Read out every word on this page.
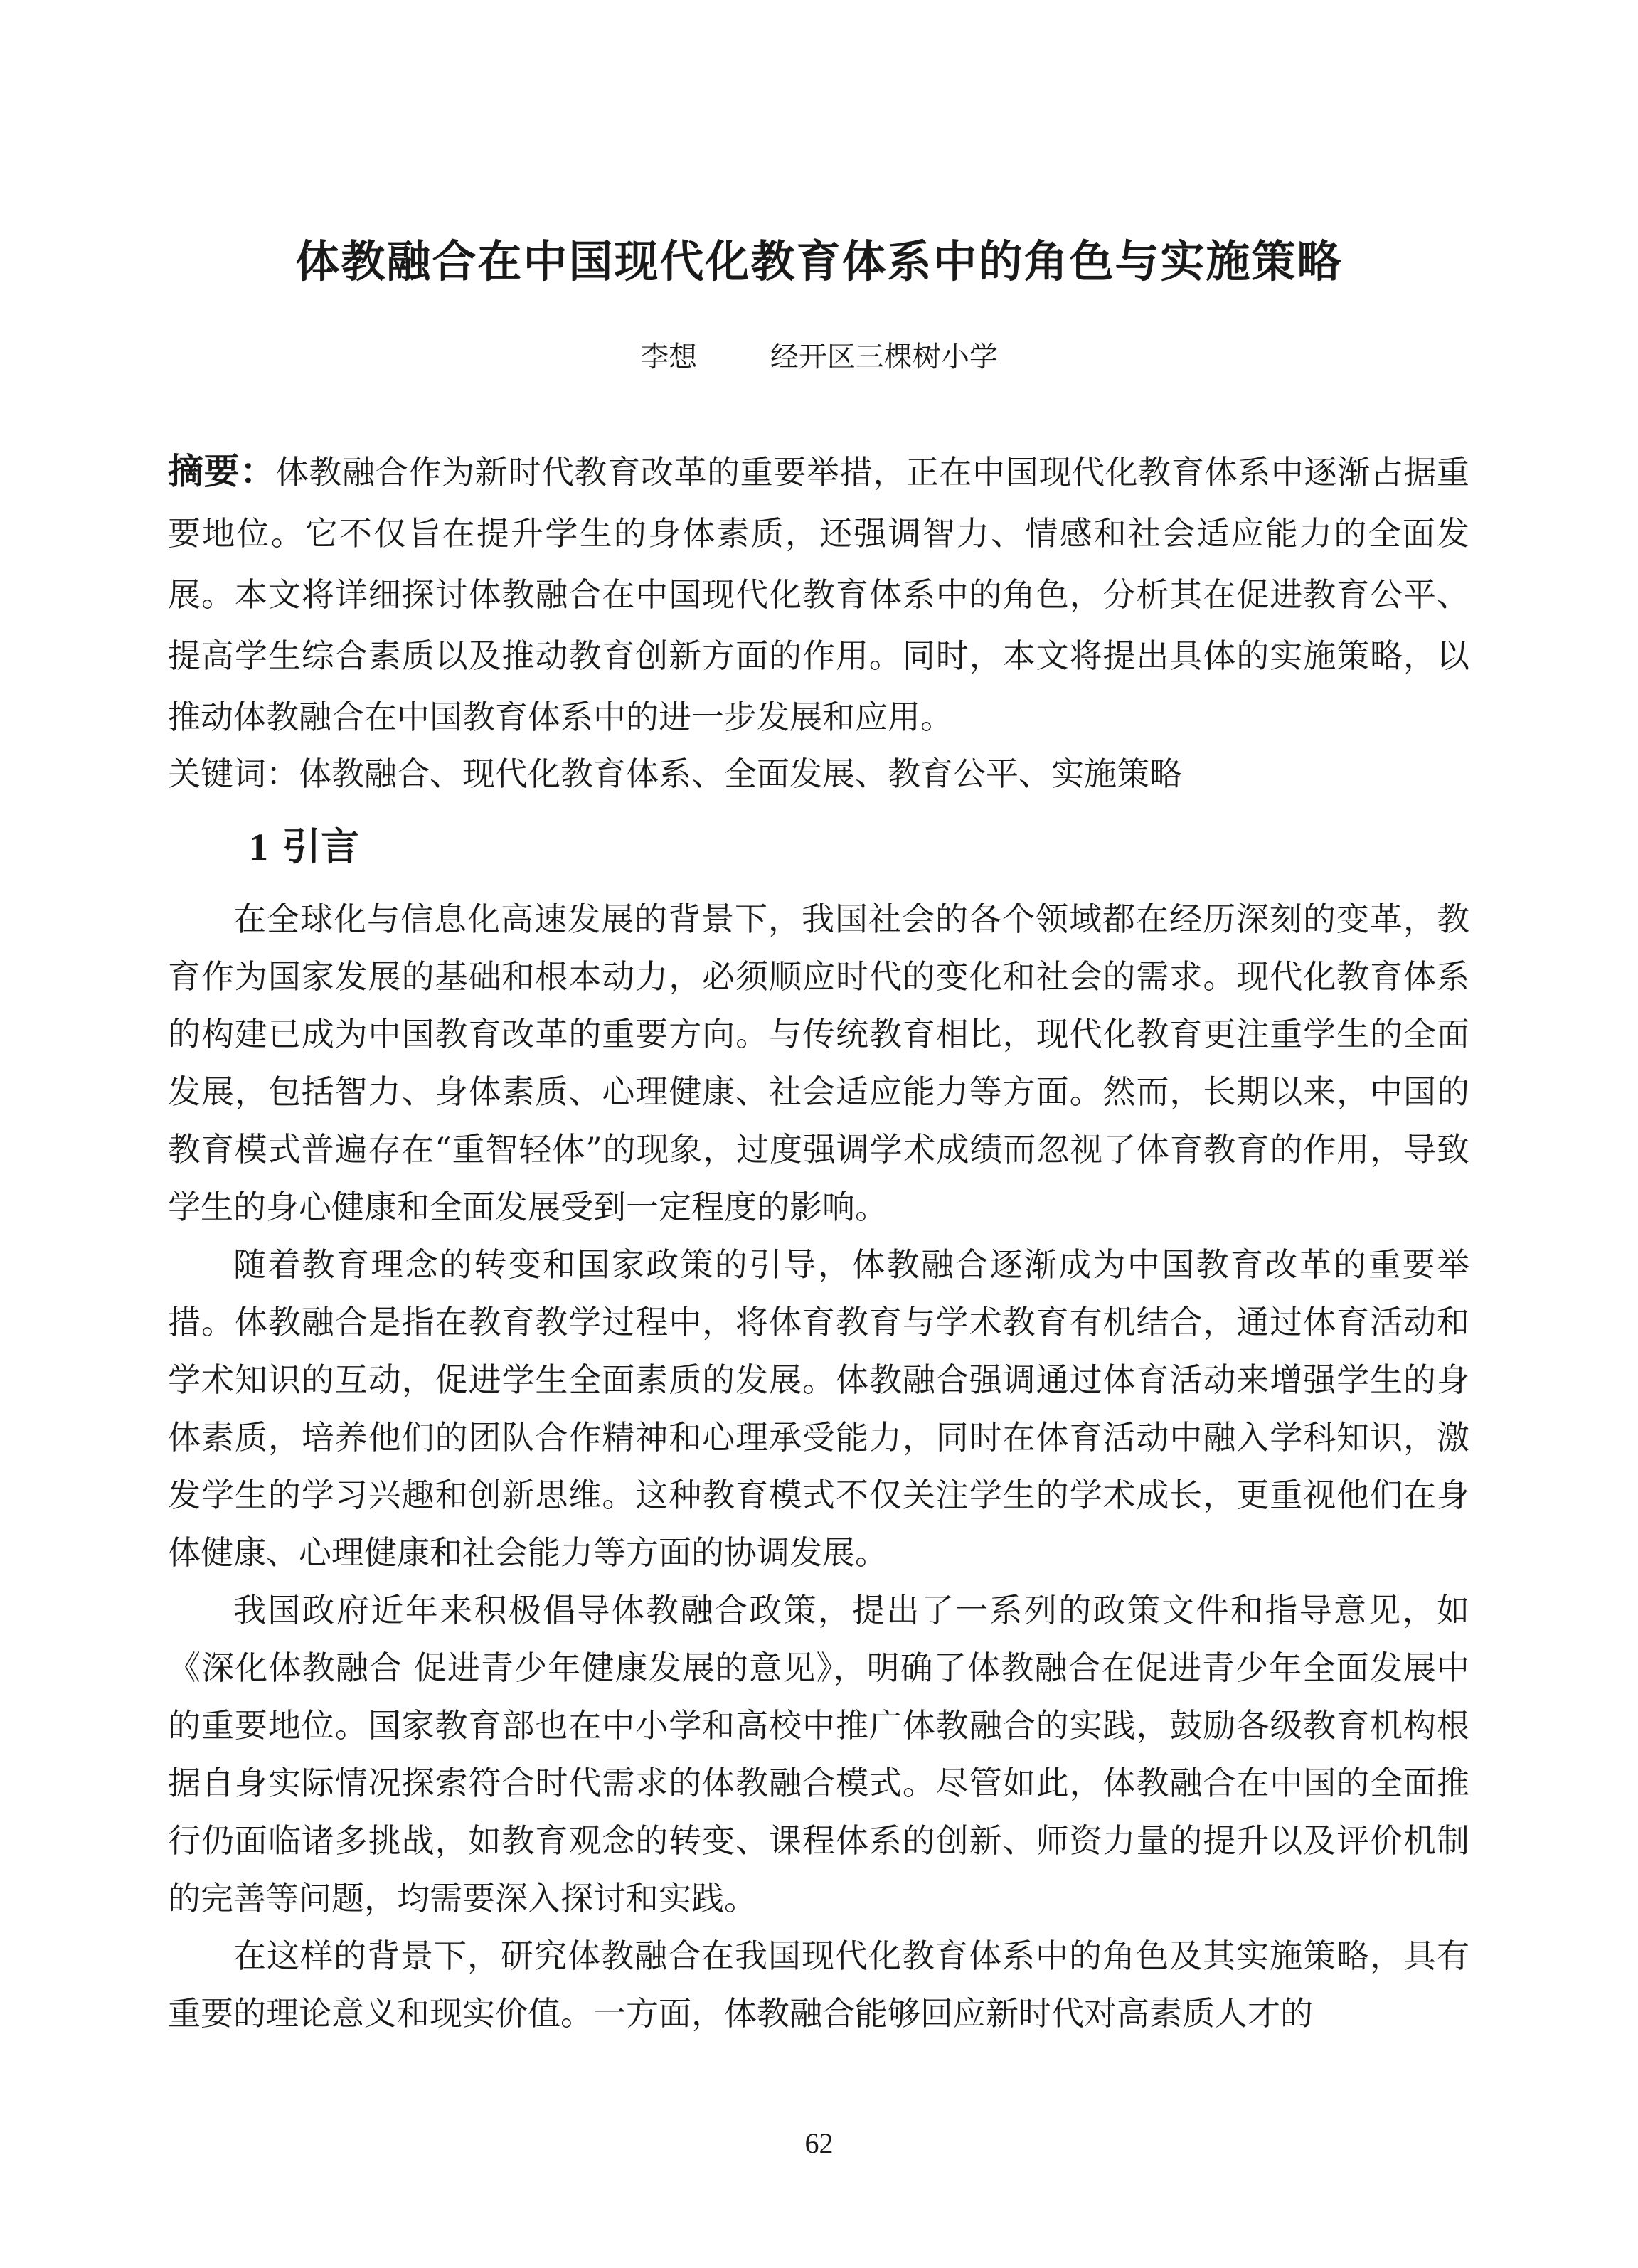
体教融合在中国现代化教育体系中的角色与实施策略
李想	经开区三棵树小学
摘要：体教融合作为新时代教育改革的重要举措，正在中国现代化教育体系中逐渐占据重要地位。它不仅旨在提升学生的身体素质，还强调智力、情感和社会适应能力的全面发展。本文将详细探讨体教融合在中国现代化教育体系中的角色，分析其在促进教育公平、提高学生综合素质以及推动教育创新方面的作用。同时，本文将提出具体的实施策略，以推动体教融合在中国教育体系中的进一步发展和应用。
关键词：体教融合、现代化教育体系、全面发展、教育公平、实施策略
1 引言

在全球化与信息化高速发展的背景下，我国社会的各个领域都在经历深刻的变革，教育作为国家发展的基础和根本动力，必须顺应时代的变化和社会的需求。现代化教育体系的构建已成为中国教育改革的重要方向。与传统教育相比，现代化教育更注重学生的全面发展，包括智力、身体素质、心理健康、社会适应能力等方面。然而，长期以来，中国的教育模式普遍存在“重智轻体”的现象，过度强调学术成绩而忽视了体育教育的作用，导致学生的身心健康和全面发展受到一定程度的影响。

随着教育理念的转变和国家政策的引导，体教融合逐渐成为中国教育改革的重要举措。体教融合是指在教育教学过程中，将体育教育与学术教育有机结合，通过体育活动和学术知识的互动，促进学生全面素质的发展。体教融合强调通过体育活动来增强学生的身体素质，培养他们的团队合作精神和心理承受能力，同时在体育活动中融入学科知识，激发学生的学习兴趣和创新思维。这种教育模式不仅关注学生的学术成长，更重视他们在身体健康、心理健康和社会能力等方面的协调发展。

我国政府近年来积极倡导体教融合政策，提出了一系列的政策文件和指导意见，如《深化体教融合 促进青少年健康发展的意见》，明确了体教融合在促进青少年全面发展中的重要地位。国家教育部也在中小学和高校中推广体教融合的实践，鼓励各级教育机构根据自身实际情况探索符合时代需求的体教融合模式。尽管如此，体教融合在中国的全面推行仍面临诸多挑战，如教育观念的转变、课程体系的创新、师资力量的提升以及评价机制的完善等问题，均需要深入探讨和实践。

在这样的背景下，研究体教融合在我国现代化教育体系中的角色及其实施策略，具有重要的理论意义和现实价值。一方面，体教融合能够回应新时代对高素质人才的

62
